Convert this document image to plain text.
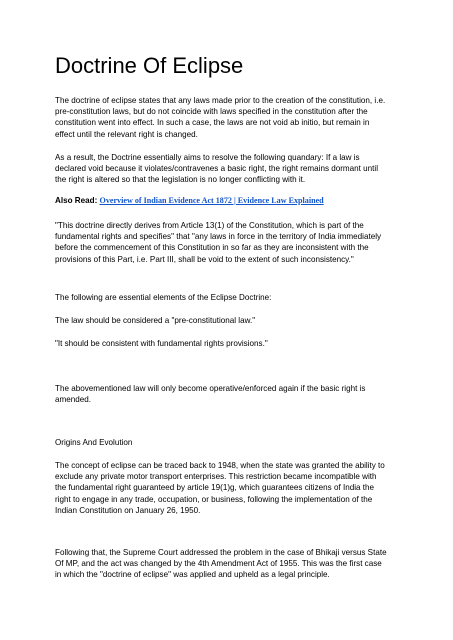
Doctrine Of Eclipse

The doctrine of eclipse states that any laws made prior to the creation of the constitution, i.e.
pre-constitution laws, but do not coincide with laws specified in the constitution after the
constitution went into effect. In such a case, the laws are not void ab initio, but remain in
effect until the relevant right is changed.

As a result, the Doctrine essentially aims to resolve the following quandary: If a law is
declared void because it violates/contravenes a basic right, the right remains dormant until
the right is altered so that the legislation is no longer conflicting with it.

Also Read: Overview of Indian Evidence Act 1872 | Evidence Law Explained

"This doctrine directly derives from Article 13(1) of the Constitution, which is part of the
fundamental rights and specifies" that "any laws in force in the territory of India immediately
before the commencement of this Constitution in so far as they are inconsistent with the
provisions of this Part, i.e. Part III, shall be void to the extent of such inconsistency."

The following are essential elements of the Eclipse Doctrine:

The law should be considered a "pre-constitutional law."

"It should be consistent with fundamental rights provisions."

The abovementioned law will only become operative/enforced again if the basic right is
amended.

Origins And Evolution

The concept of eclipse can be traced back to 1948, when the state was granted the ability to
exclude any private motor transport enterprises. This restriction became incompatible with
the fundamental right guaranteed by article 19(1)g, which guarantees citizens of India the
right to engage in any trade, occupation, or business, following the implementation of the
Indian Constitution on January 26, 1950.

Following that, the Supreme Court addressed the problem in the case of Bhikaji versus State
Of MP, and the act was changed by the 4th Amendment Act of 1955. This was the first case
in which the "doctrine of eclipse" was applied and upheld as a legal principle.
